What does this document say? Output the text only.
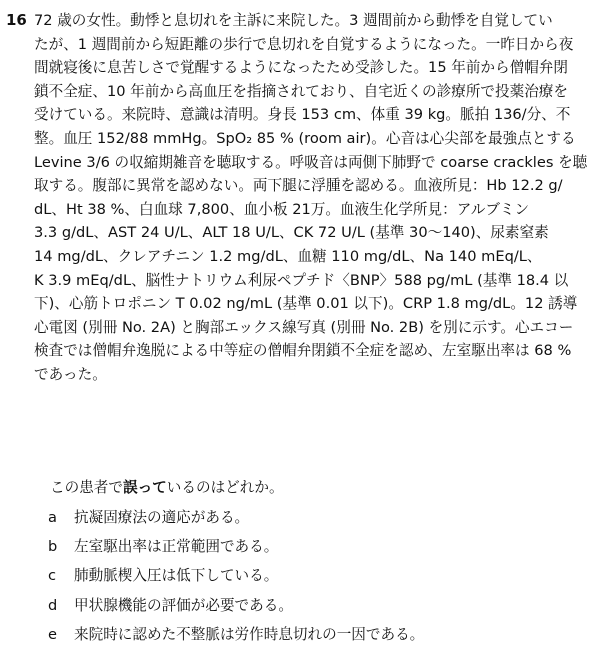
16 72 歳の女性。動悸と息切れを主訴に来院した。3 週間前から動悸を自覚してい
たが、1 週間前から短距離の歩行で息切れを自覚するようになった。一昨日から夜
間就寝後に息苦しさで覚醒するようになったため受診した。15 年前から僧帽弁閉
鎖不全症、10 年前から高血圧を指摘されており、自宅近くの診療所で投薬治療を
受けている。来院時、意識は清明。身長 153 cm、体重 39 kg。脈拍 136/分、不
整。血圧 152/88 mmHg。SpO₂ 85 % (room air)。心音は心尖部を最強点とする
Levine 3/6 の収縮期雑音を聴取する。呼吸音は両側下肺野で coarse crackles を聴
取する。腹部に異常を認めない。両下腿に浮腫を認める。血液所見：Hb 12.2 g/
dL、Ht 38 %、白血球 7,800、血小板 21万。血液生化学所見：アルブミン
3.3 g/dL、AST 24 U/L、ALT 18 U/L、CK 72 U/L (基準 30～140)、尿素窒素
14 mg/dL、クレアチニン 1.2 mg/dL、血糖 110 mg/dL、Na 140 mEq/L、
K 3.9 mEq/dL、脳性ナトリウム利尿ペプチド〈BNP〉588 pg/mL (基準 18.4 以
下)、心筋トロポニン T 0.02 ng/mL (基準 0.01 以下)。CRP 1.8 mg/dL。12 誘導
心電図 (別冊 No. 2A) と胸部エックス線写真 (別冊 No. 2B) を別に示す。心エコー
検査では僧帽弁逸脱による中等症の僧帽弁閉鎖不全症を認め、左室駆出率は 68 %
であった。
この患者で誤っているのはどれか。
a	抗凝固療法の適応がある。
b	左室駆出率は正常範囲である。
c	肺動脈楔入圧は低下している。
d	甲状腺機能の評価が必要である。
e	来院時に認めた不整脈は労作時息切れの一因である。
